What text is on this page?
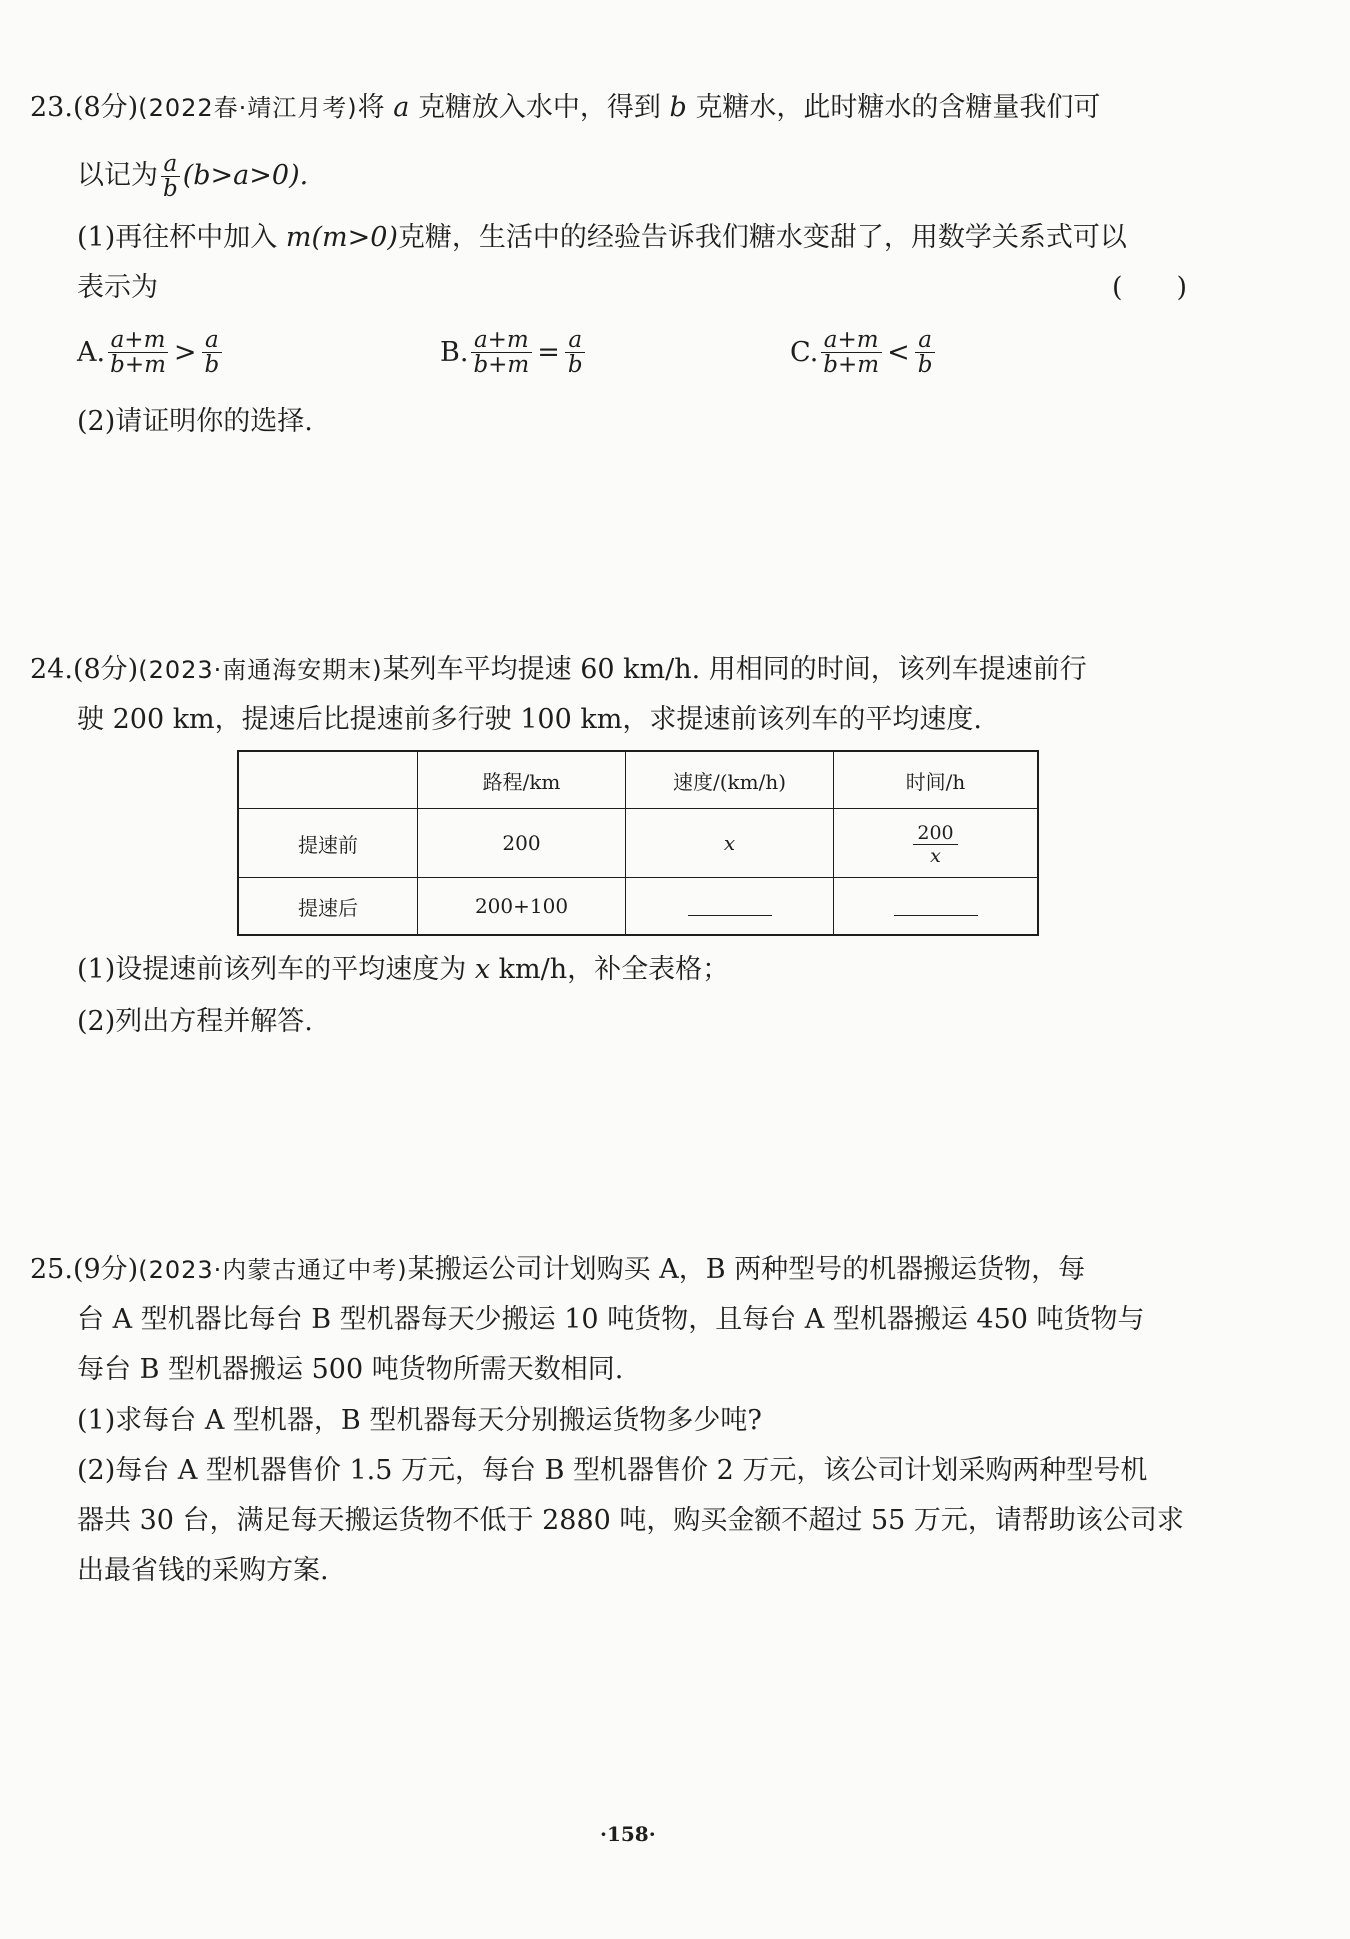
23.(8分)(2022春·靖江月考)将 a 克糖放入水中，得到 b 克糖水，此时糖水的含糖量我们可
以记为 $\frac{a}{b} (b>a>0)$.
(1)再往杯中加入 m(m>0)克糖，生活中的经验告诉我们糖水变甜了，用数学关系式可以
表示为	(　　)
A. $\frac{a+m}{b+m} > \frac{a}{b}$	B. $\frac{a+m}{b+m} = \frac{a}{b}$	C. $\frac{a+m}{b+m} < \frac{a}{b}$
(2)请证明你的选择.
24.(8分)(2023·南通海安期末)某列车平均提速 60 km/h. 用相同的时间，该列车提速前行
驶 200 km，提速后比提速前多行驶 100 km，求提速前该列车的平均速度.
	路程/km	速度/(km/h)	时间/h
提速前	200	x	$\frac{200}{x}$

提速后	200+100		
(1)设提速前该列车的平均速度为 x km/h，补全表格；
(2)列出方程并解答.
25.(9分)(2023·内蒙古通辽中考)某搬运公司计划购买 A，B 两种型号的机器搬运货物，每
台 A 型机器比每台 B 型机器每天少搬运 10 吨货物，且每台 A 型机器搬运 450 吨货物与
每台 B 型机器搬运 500 吨货物所需天数相同.
(1)求每台 A 型机器，B 型机器每天分别搬运货物多少吨?
(2)每台 A 型机器售价 1.5 万元，每台 B 型机器售价 2 万元，该公司计划采购两种型号机
器共 30 台，满足每天搬运货物不低于 2880 吨，购买金额不超过 55 万元，请帮助该公司求
出最省钱的采购方案.
·158·
